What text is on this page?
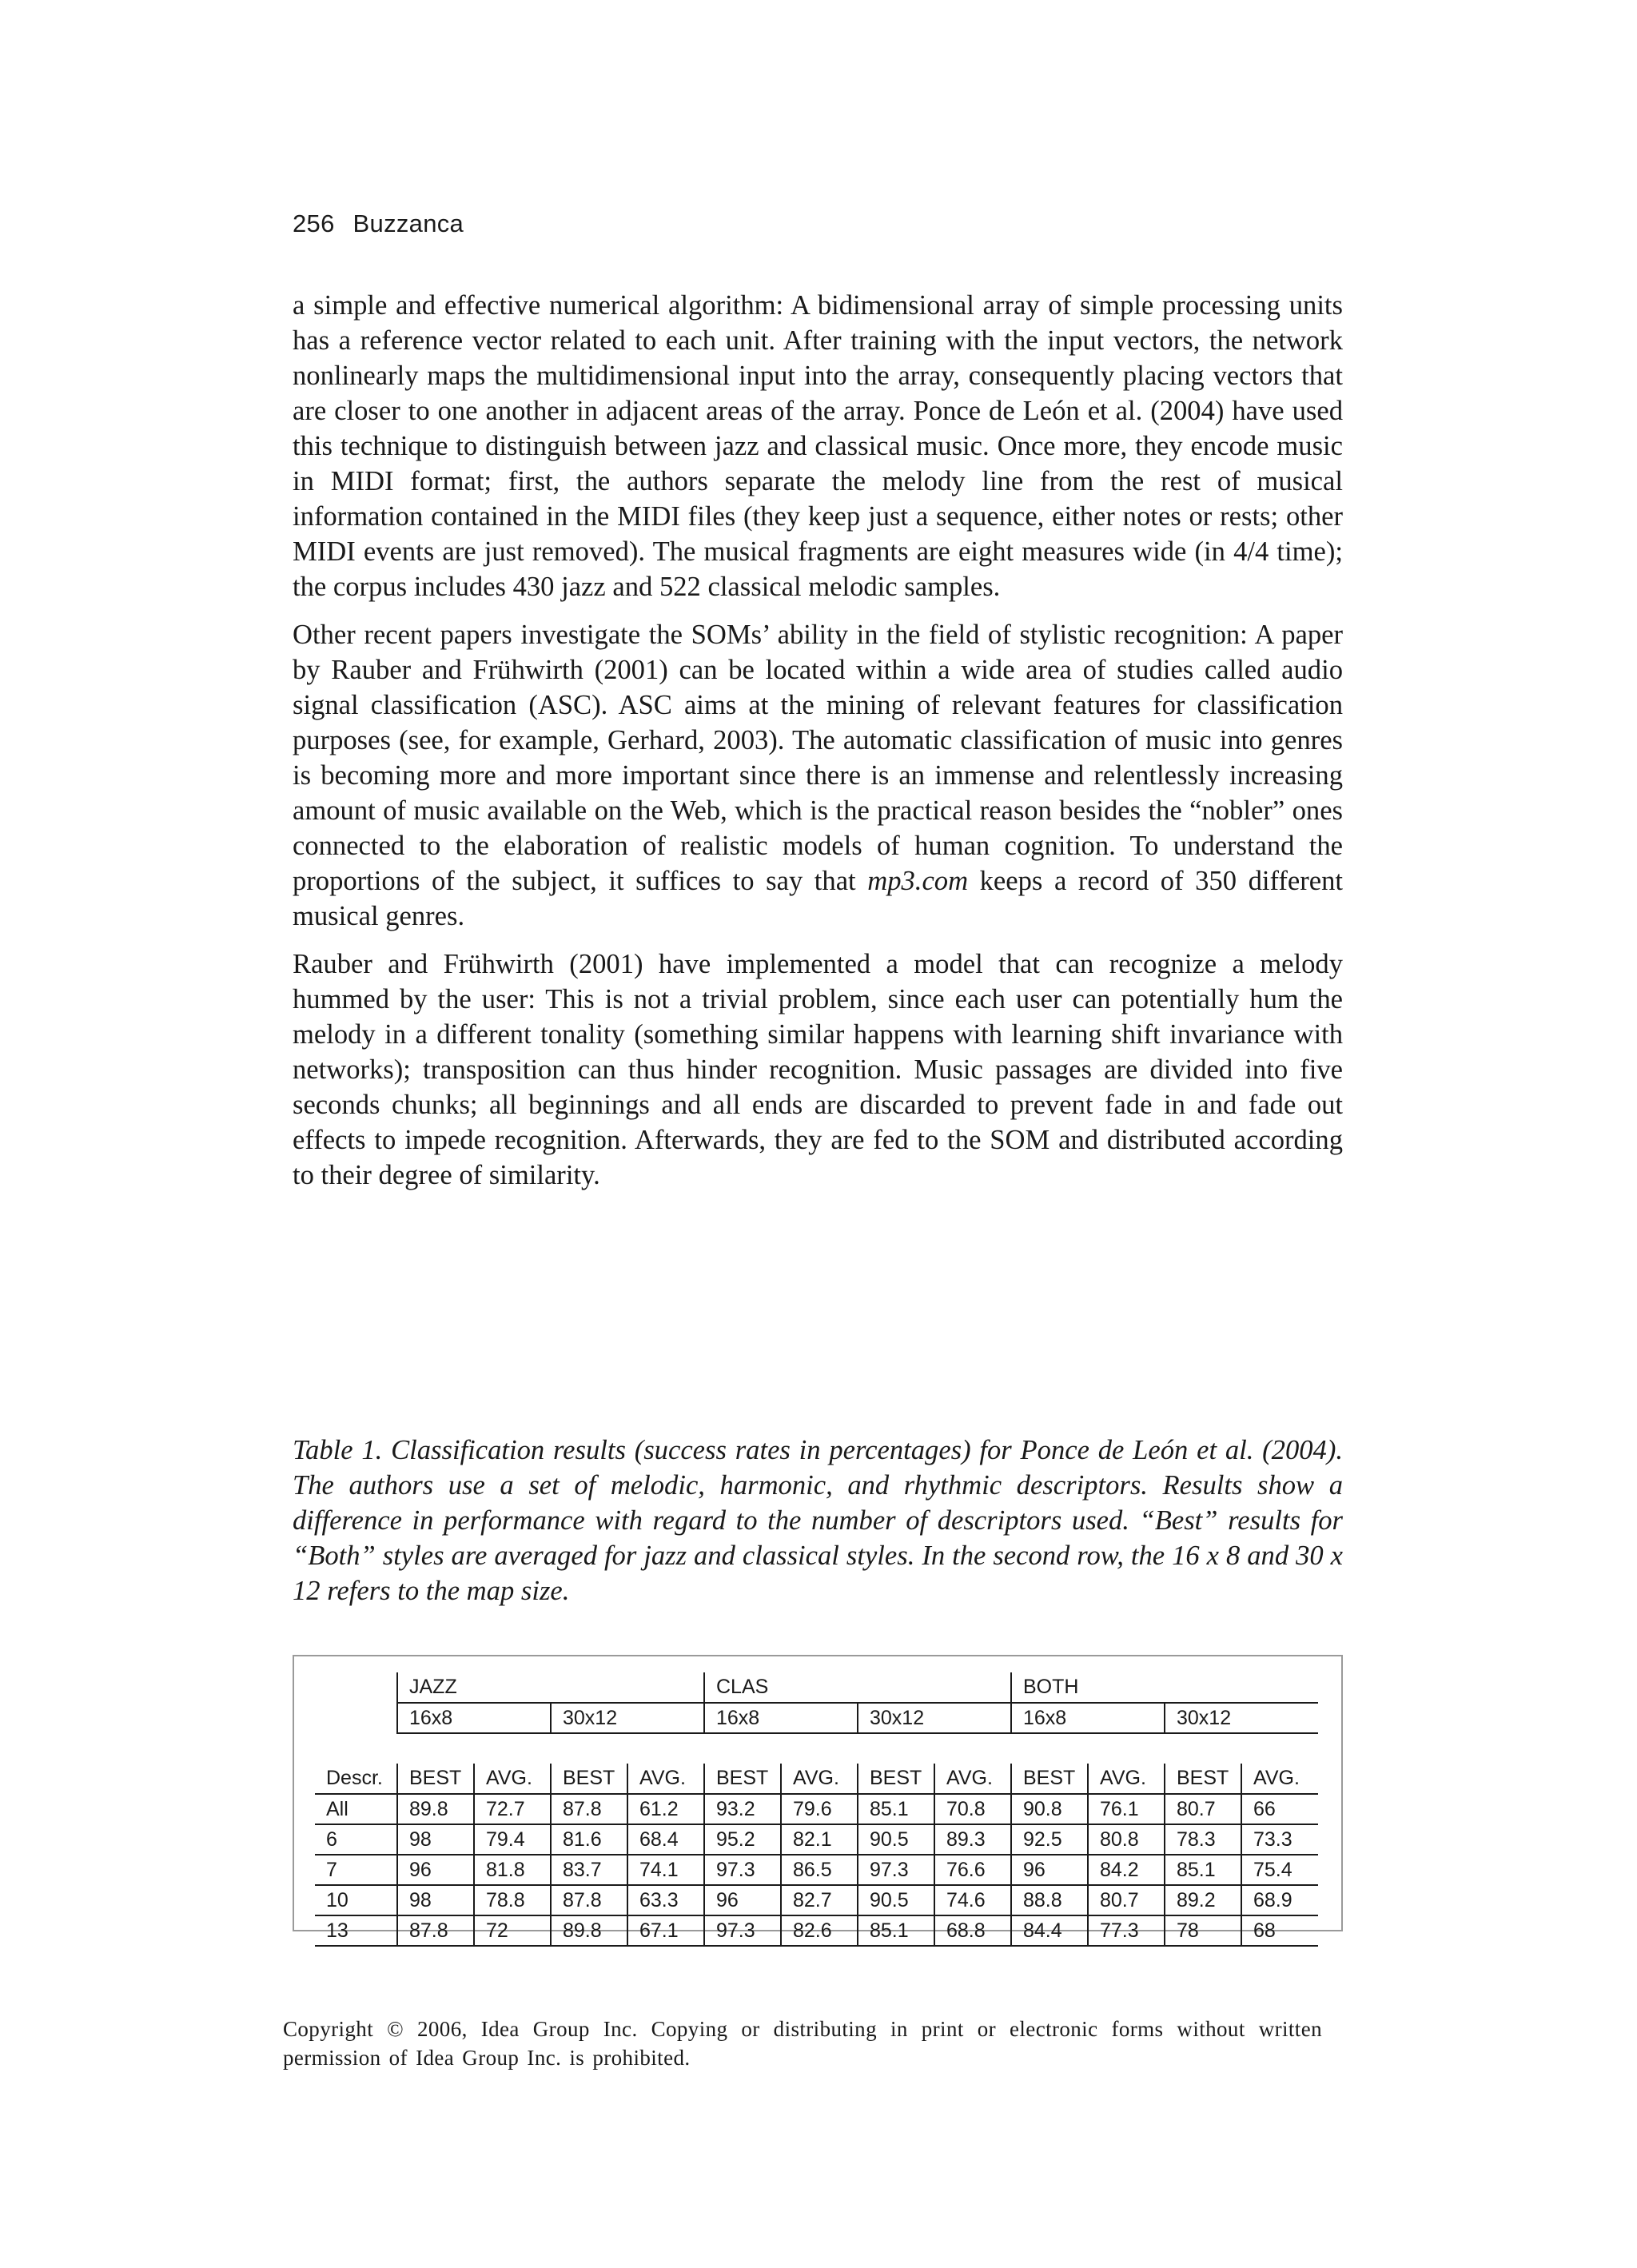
256 Buzzanca

a simple and effective numerical algorithm: A bidimensional array of simple processing units has a reference vector related to each unit. After training with the input vectors, the network nonlinearly maps the multidimensional input into the array, consequently placing vectors that are closer to one another in adjacent areas of the array. Ponce de León et al. (2004) have used this technique to distinguish between jazz and classical music. Once more, they encode music in MIDI format; first, the authors separate the melody line from the rest of musical information contained in the MIDI files (they keep just a sequence, either notes or rests; other MIDI events are just removed). The musical fragments are eight measures wide (in 4/4 time); the corpus includes 430 jazz and 522 classical melodic samples.

Other recent papers investigate the SOMs’ ability in the field of stylistic recognition: A paper by Rauber and Frühwirth (2001) can be located within a wide area of studies called audio signal classification (ASC). ASC aims at the mining of relevant features for classification purposes (see, for example, Gerhard, 2003). The automatic classification of music into genres is becoming more and more important since there is an immense and relentlessly increasing amount of music available on the Web, which is the practical reason besides the “nobler” ones connected to the elaboration of realistic models of human cognition. To understand the proportions of the subject, it suffices to say that mp3.com keeps a record of 350 different musical genres.

Rauber and Frühwirth (2001) have implemented a model that can recognize a melody hummed by the user: This is not a trivial problem, since each user can potentially hum the melody in a different tonality (something similar happens with learning shift invariance with networks); transposition can thus hinder recognition. Music passages are divided into five seconds chunks; all beginnings and all ends are discarded to prevent fade in and fade out effects to impede recognition. Afterwards, they are fed to the SOM and distributed according to their degree of similarity.

Table 1. Classification results (success rates in percentages) for Ponce de León et al. (2004). The authors use a set of melodic, harmonic, and rhythmic descriptors. Results show a difference in performance with regard to the number of descriptors used. “Best” results for “Both” styles are averaged for jazz and classical styles. In the second row, the 16 x 8 and 30 x 12 refers to the map size.
	JAZZ				CLAS				BOTH			
	16x8		30x12		16x8		30x12		16x8		30x12	

Descr.	BEST	AVG.	BEST	AVG.	BEST	AVG.	BEST	AVG.	BEST	AVG.	BEST	AVG.
All	89.8	72.7	87.8	61.2	93.2	79.6	85.1	70.8	90.8	76.1	80.7	66
6	98	79.4	81.6	68.4	95.2	82.1	90.5	89.3	92.5	80.8	78.3	73.3
7	96	81.8	83.7	74.1	97.3	86.5	97.3	76.6	96	84.2	85.1	75.4
10	98	78.8	87.8	63.3	96	82.7	90.5	74.6	88.8	80.7	89.2	68.9
13	87.8	72	89.8	67.1	97.3	82.6	85.1	68.8	84.4	77.3	78	68
Copyright © 2006, Idea Group Inc. Copying or distributing in print or electronic forms without written permission of Idea Group Inc. is prohibited.
